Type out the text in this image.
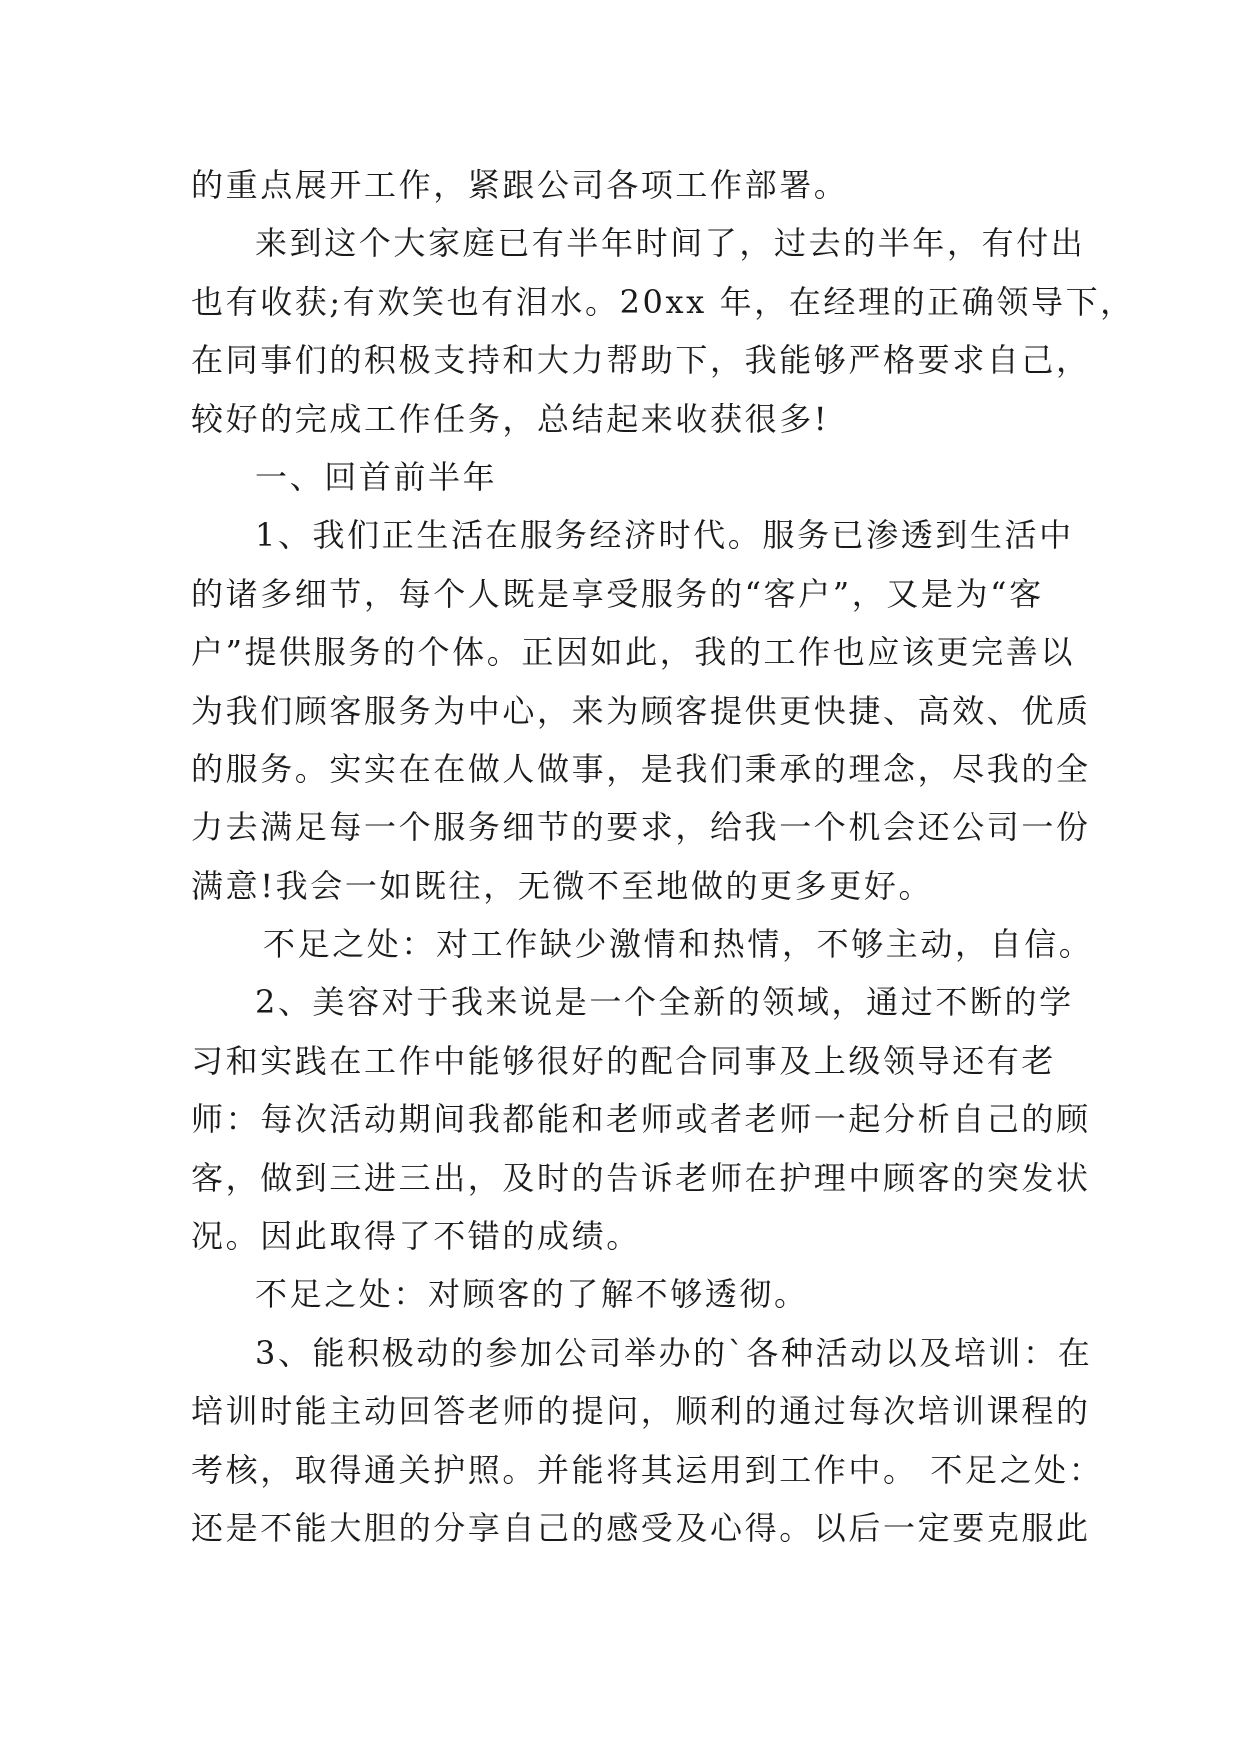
的重点展开工作，紧跟公司各项工作部署。
来到这个大家庭已有半年时间了，过去的半年，有付出
也有收获;有欢笑也有泪水。20xx 年，在经理的正确领导下，
在同事们的积极支持和大力帮助下，我能够严格要求自己，
较好的完成工作任务，总结起来收获很多!
一、回首前半年
1、我们正生活在服务经济时代。服务已渗透到生活中
的诸多细节，每个人既是享受服务的“客户”，又是为“客
户”提供服务的个体。正因如此，我的工作也应该更完善以
为我们顾客服务为中心，来为顾客提供更快捷、高效、优质
的服务。实实在在做人做事，是我们秉承的理念，尽我的全
力去满足每一个服务细节的要求，给我一个机会还公司一份
满意!我会一如既往，无微不至地做的更多更好。
不足之处：对工作缺少激情和热情，不够主动，自信。
2、美容对于我来说是一个全新的领域，通过不断的学
习和实践在工作中能够很好的配合同事及上级领导还有老
师：每次活动期间我都能和老师或者老师一起分析自己的顾
客，做到三进三出，及时的告诉老师在护理中顾客的突发状
况。因此取得了不错的成绩。
不足之处：对顾客的了解不够透彻。
3、能积极动的参加公司举办的`各种活动以及培训：在
培训时能主动回答老师的提问，顺利的通过每次培训课程的
考核，取得通关护照。并能将其运用到工作中。 不足之处：
还是不能大胆的分享自己的感受及心得。以后一定要克服此
